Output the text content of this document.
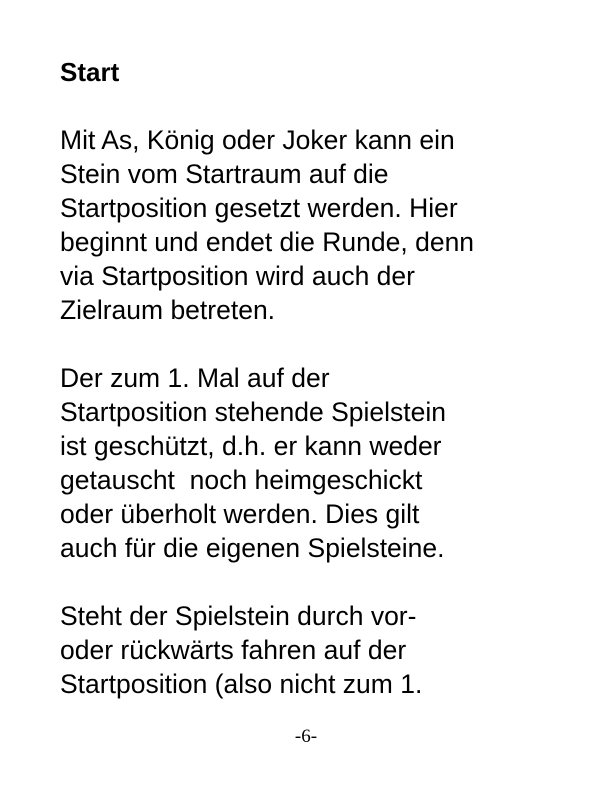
Start
Mit As, König oder Joker kann ein
Stein vom Startraum auf die
Startposition gesetzt werden. Hier
beginnt und endet die Runde, denn
via Startposition wird auch der
Zielraum betreten.
Der zum 1. Mal auf der
Startposition stehende Spielstein
ist geschützt, d.h. er kann weder
getauscht  noch heimgeschickt
oder überholt werden. Dies gilt
auch für die eigenen Spielsteine.
Steht der Spielstein durch vor-
oder rückwärts fahren auf der
Startposition (also nicht zum 1.
-6-
